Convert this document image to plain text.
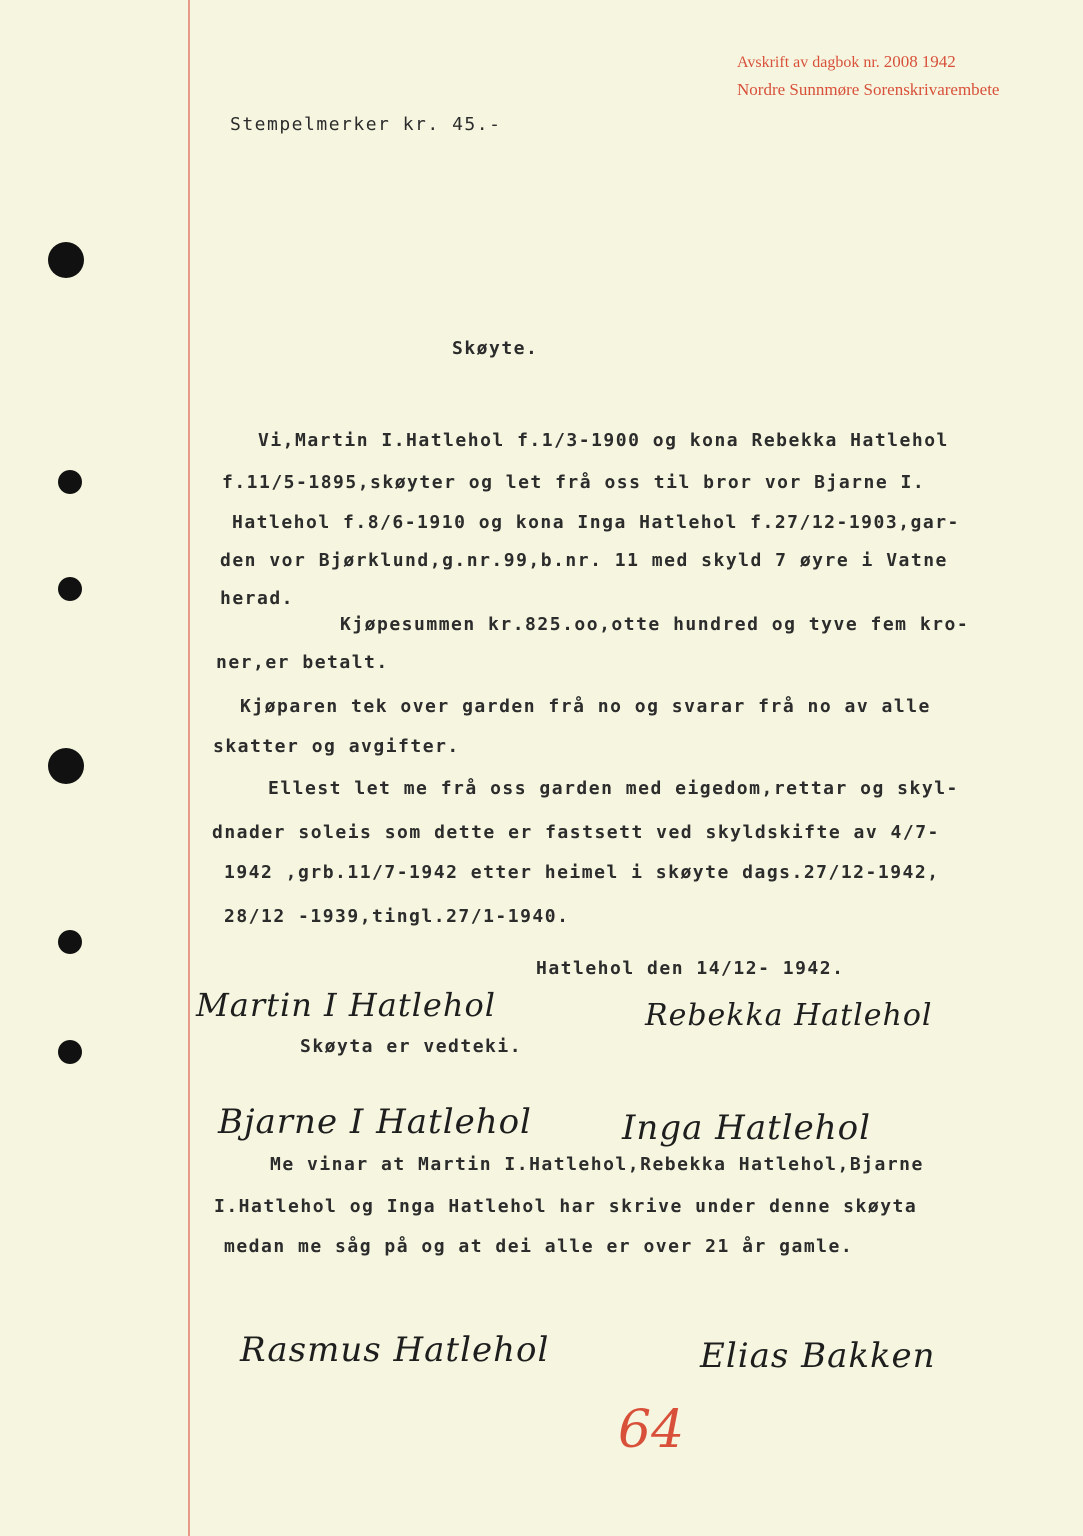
Avskrift av dagbok nr. 2008 1942
Nordre Sunnmøre Sorenskrivarembete
Stempelmerker kr. 45.-
Skøyte.
Vi,Martin I.Hatlehol f.1/3-1900 og kona Rebekka Hatlehol
f.11/5-1895,skøyter og let frå oss til bror vor Bjarne I.
Hatlehol f.8/6-1910 og kona Inga Hatlehol f.27/12-1903,gar-
den vor Bjørklund,g.nr.99,b.nr. 11 med skyld 7 øyre i Vatne
herad.
Kjøpesummen kr.825.oo,otte hundred og tyve fem kro-
ner,er betalt.
Kjøparen tek over garden frå no og svarar frå no av alle
skatter og avgifter.
Ellest let me frå oss garden med eigedom,rettar og skyl-
dnader soleis som dette er fastsett ved skyldskifte av 4/7-
1942 ,grb.11/7-1942 etter heimel i skøyte dags.27/12-1942,
28/12 -1939,tingl.27/1-1940.
Hatlehol den 14/12- 1942.
Martin I Hatlehol	Rebekka Hatlehol
Skøyta er vedteki.
Bjarne I Hatlehol	Inga Hatlehol
Me vinar at Martin I.Hatlehol,Rebekka Hatlehol,Bjarne
I.Hatlehol og Inga Hatlehol har skrive under denne skøyta
medan me såg på og at dei alle er over 21 år gamle.
Rasmus Hatlehol	Elias Bakken
64
